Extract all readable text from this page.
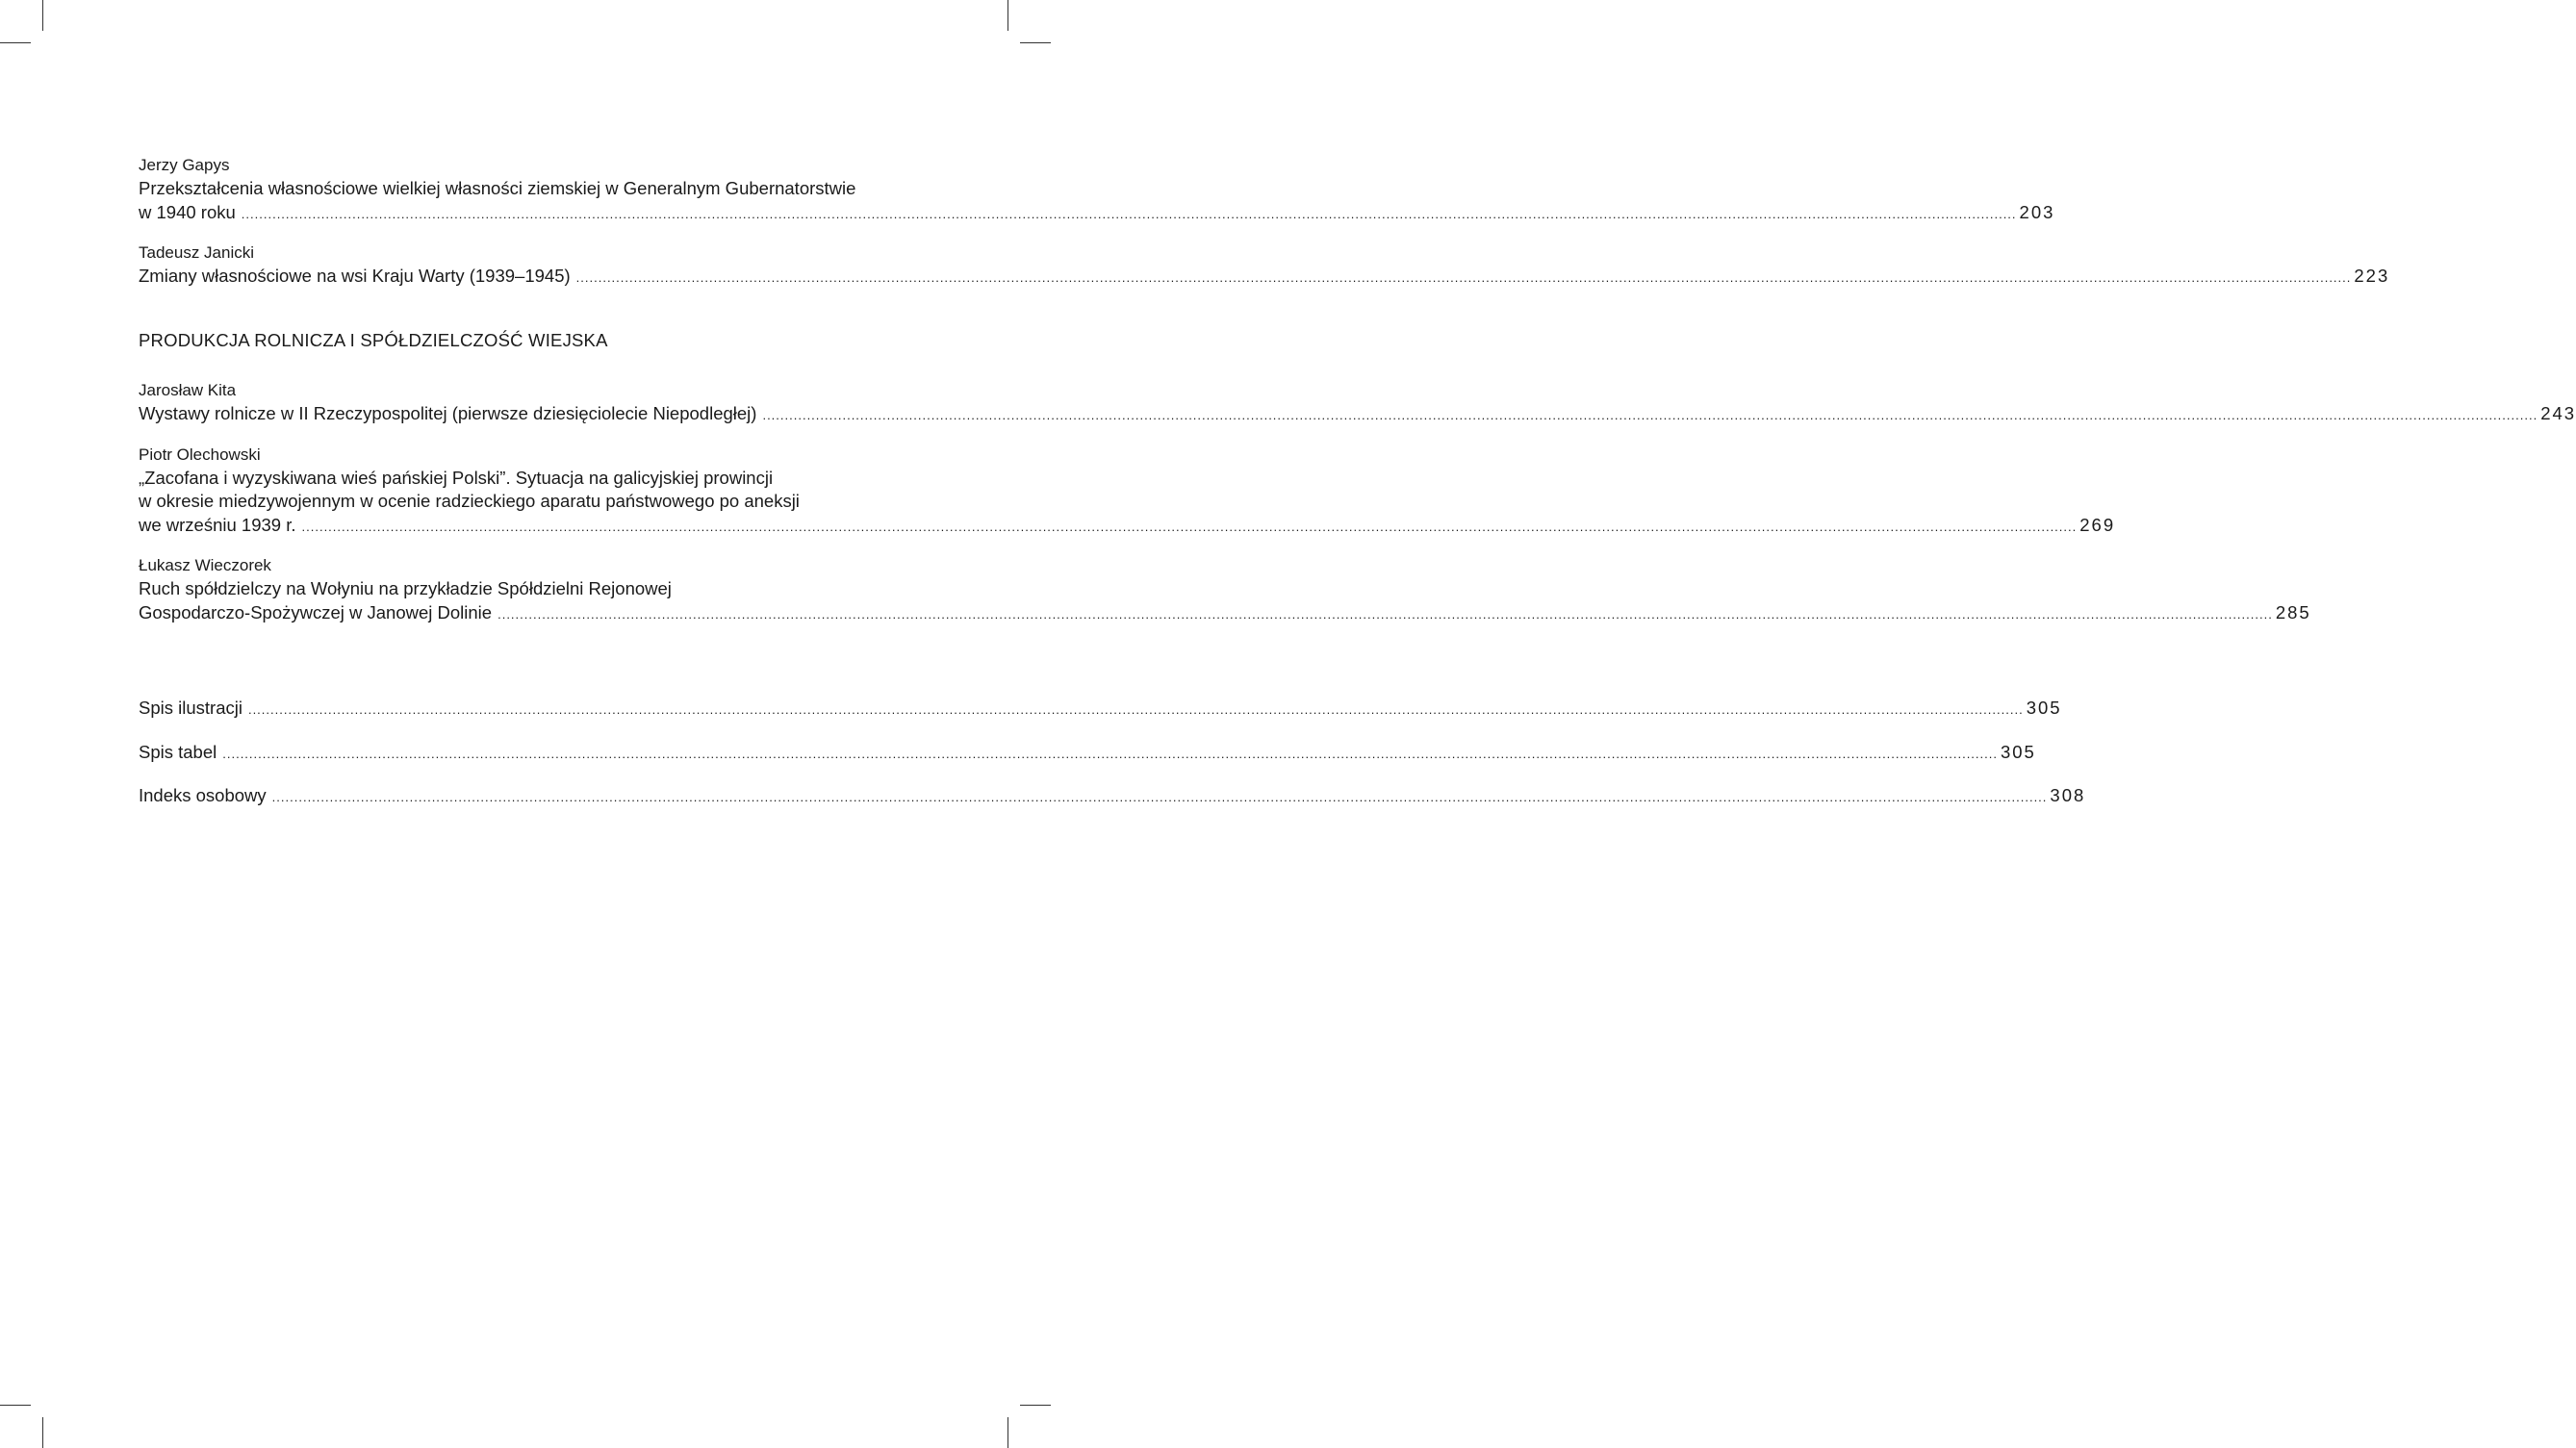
Jerzy Gapys
Przekształcenia własnościowe wielkiej własności ziemskiej w Generalnym Gubernatorstwie
w 1940 roku ................................................................................................................................................................................................................................................................................................................................................................................................................ 203
Tadeusz Janicki
Zmiany własnościowe na wsi Kraju Warty (1939–1945) ................................................................................................................................................................................................................................................................................................................................................................................................................ 223
PRODUKCJA ROLNICZA I SPÓŁDZIELCZOŚĆ WIEJSKA
Jarosław Kita
Wystawy rolnicze w II Rzeczypospolitej (pierwsze dziesięciolecie Niepodległej) ................................................................................................................................................................................................................................................................................................................................................................................................................ 243
Piotr Olechowski
„Zacofana i wyzyskiwana wieś pańskiej Polski”. Sytuacja na galicyjskiej prowincji
w okresie miedzywojennym w ocenie radzieckiego aparatu państwowego po aneksji
we wrześniu 1939 r. ................................................................................................................................................................................................................................................................................................................................................................................................................ 269
Łukasz Wieczorek
Ruch spółdzielczy na Wołyniu na przykładzie Spółdzielni Rejonowej
Gospodarczo-Spożywczej w Janowej Dolinie ................................................................................................................................................................................................................................................................................................................................................................................................................ 285
Spis ilustracji ................................................................................................................................................................................................................................................................................................................................................................................................................ 305
Spis tabel ................................................................................................................................................................................................................................................................................................................................................................................................................ 305
Indeks osobowy ................................................................................................................................................................................................................................................................................................................................................................................................................ 308
